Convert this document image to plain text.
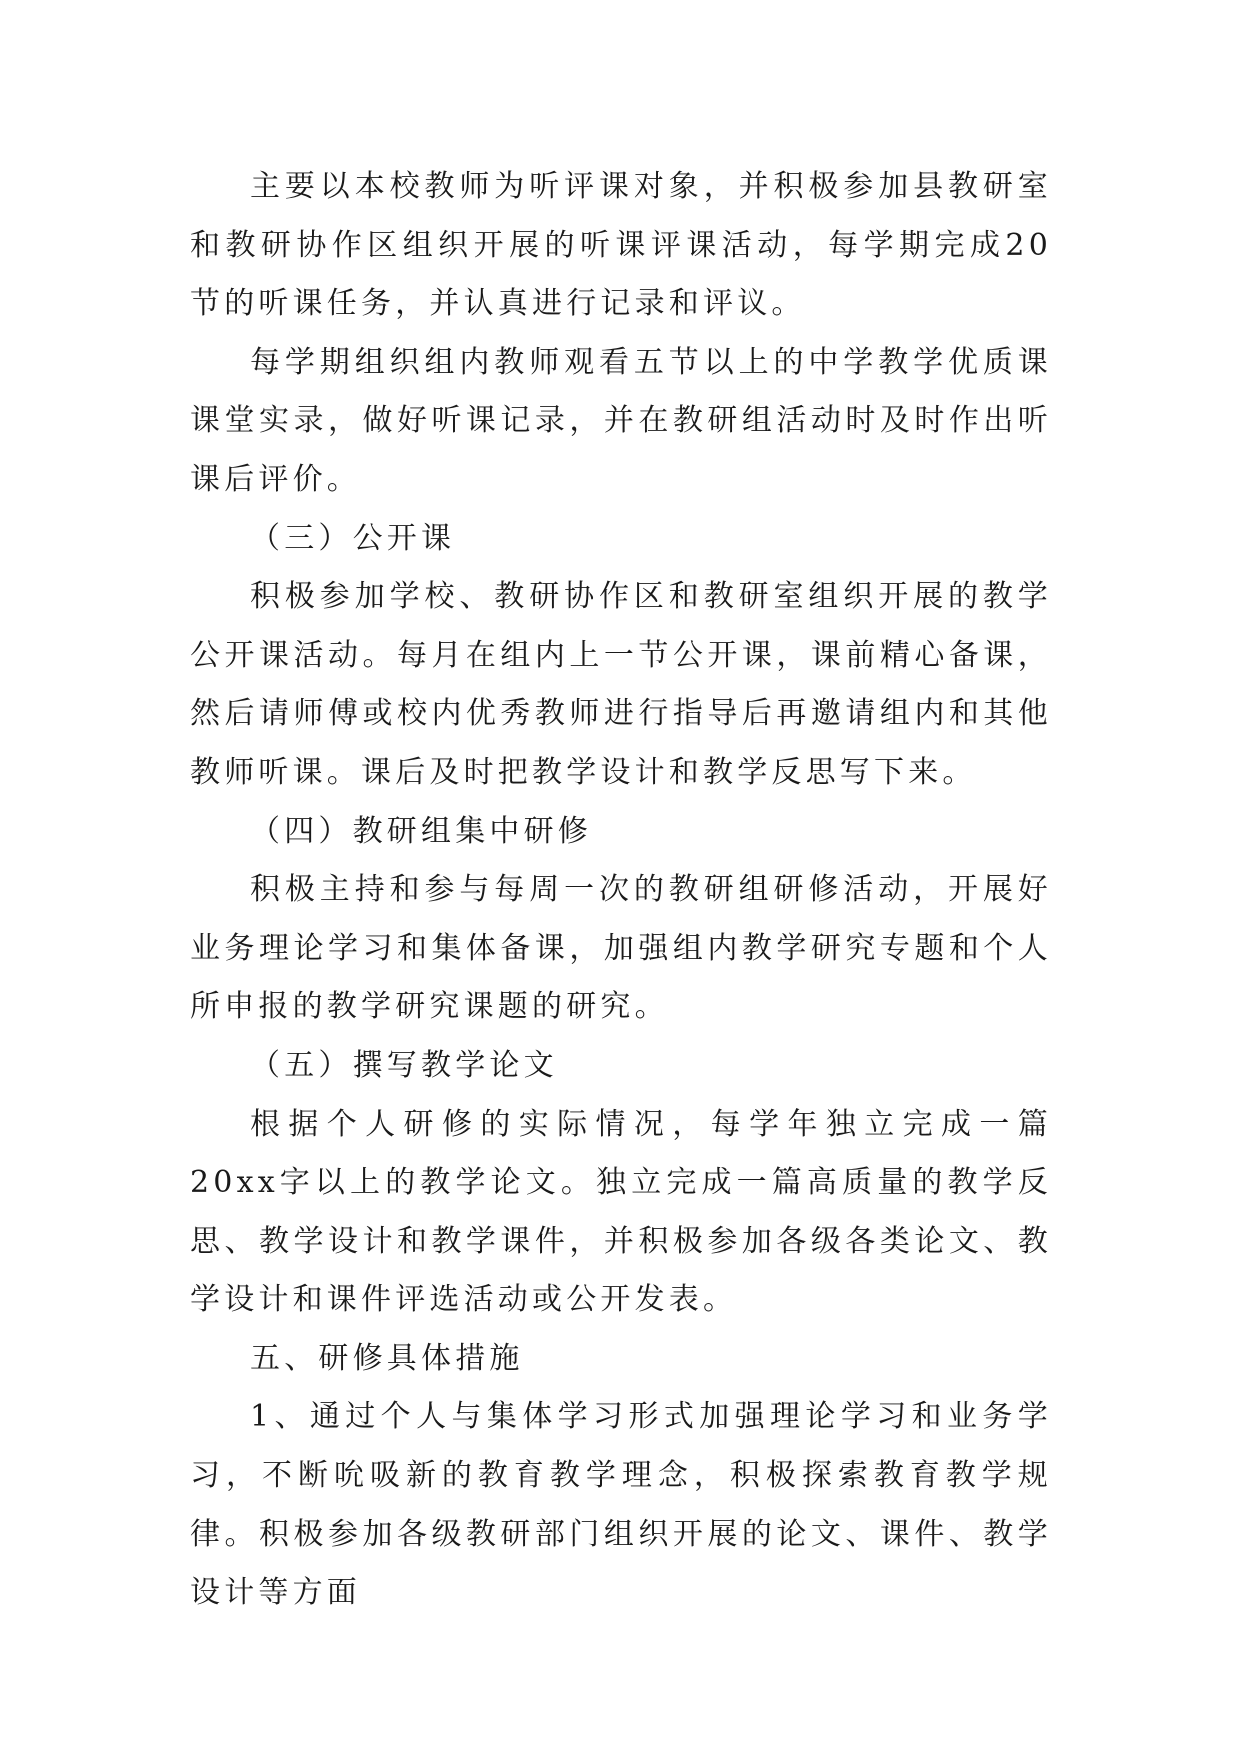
主要以本校教师为听评课对象，并积极参加县教研室和教研协作区组织开展的听课评课活动，每学期完成20节的听课任务，并认真进行记录和评议。

每学期组织组内教师观看五节以上的中学教学优质课课堂实录，做好听课记录，并在教研组活动时及时作出听课后评价。

（三）公开课

积极参加学校、教研协作区和教研室组织开展的教学公开课活动。每月在组内上一节公开课，课前精心备课，然后请师傅或校内优秀教师进行指导后再邀请组内和其他教师听课。课后及时把教学设计和教学反思写下来。

（四）教研组集中研修

积极主持和参与每周一次的教研组研修活动，开展好业务理论学习和集体备课，加强组内教学研究专题和个人所申报的教学研究课题的研究。

（五）撰写教学论文

根据个人研修的实际情况，每学年独立完成一篇20xx字以上的教学论文。独立完成一篇高质量的教学反思、教学设计和教学课件，并积极参加各级各类论文、教学设计和课件评选活动或公开发表。

五、研修具体措施

1、通过个人与集体学习形式加强理论学习和业务学习，不断吮吸新的教育教学理念，积极探索教育教学规律。积极参加各级教研部门组织开展的论文、课件、教学设计等方面
